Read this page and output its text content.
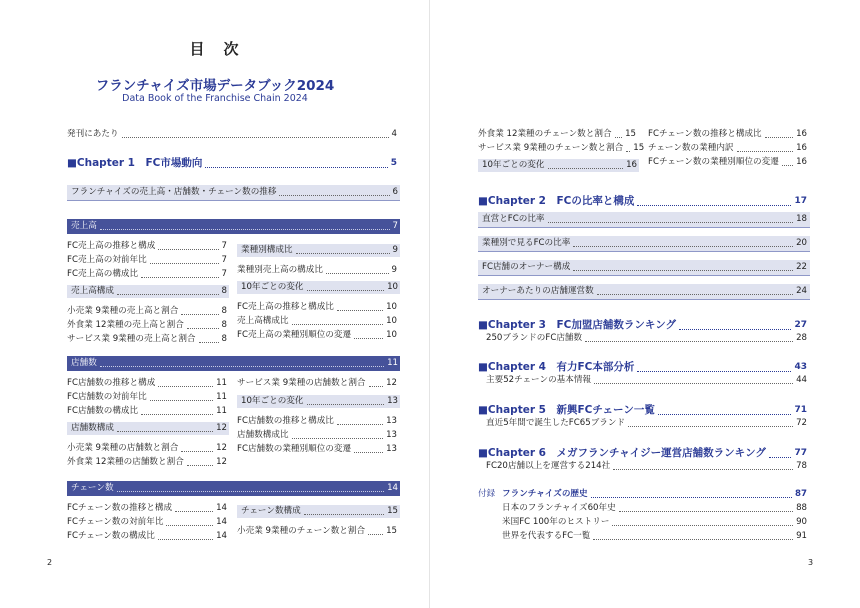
目　次
フランチャイズ市場データブック2024
Data Book of the Franchise Chain 2024
発刊にあたり	4
■Chapter 1　FC市場動向	5
フランチャイズの売上高・店舗数・チェーン数の推移	6
売上高	7
FC売上高の推移と構成	7
FC売上高の対前年比	7
FC売上高の構成比	7
売上高構成	8
小売業 9業種の売上高と割合	8
外食業 12業種の売上高と割合	8
サービス業 9業種の売上高と割合	8
業種別構成比	9
業種別売上高の構成比	9
10年ごとの変化	10
FC売上高の推移と構成比	10
売上高構成比	10
FC売上高の業種別順位の変遷	10
店舗数	11
FC店舗数の推移と構成	11
FC店舗数の対前年比	11
FC店舗数の構成比	11
店舗数構成	12
小売業 9業種の店舗数と割合	12
外食業 12業種の店舗数と割合	12
サービス業 9業種の店舗数と割合 12
10年ごとの変化	13
FC店舗数の推移と構成比	13
店舗数構成比	13
FC店舗数の業種別順位の変遷	13
チェーン数	14
FCチェーン数の推移と構成	14
FCチェーン数の対前年比	14
FCチェーン数の構成比	14
チェーン数構成	15
小売業 9業種のチェーン数と割合 15
2
外食業 12業種のチェーン数と割合 15
サービス業 9業種のチェーン数と割合 15
10年ごとの変化	16
FCチェーン数の推移と構成比	16
チェーン数の業種内訳	16
FCチェーン数の業種別順位の変遷 16
■Chapter 2　FCの比率と構成	17
直営とFCの比率	18
業種別で見るFCの比率	20
FC店舗のオーナー構成	22
オーナーあたりの店舗運営数	24
■Chapter 3　FC加盟店舗数ランキング	27
250ブランドのFC店舗数	28
■Chapter 4　有力FC本部分析	43
主要52チェーンの基本情報	44
■Chapter 5　新興FCチェーン一覧	71
直近5年間で誕生したFC65ブランド	72
■Chapter 6　メガフランチャイジー運営店舗数ランキング	77
FC20店舗以上を運営する214社	78
付録 フランチャイズの歴史	87
日本のフランチャイズ60年史	88
米国FC 100年のヒストリー	90
世界を代表するFC一覧	91
3
